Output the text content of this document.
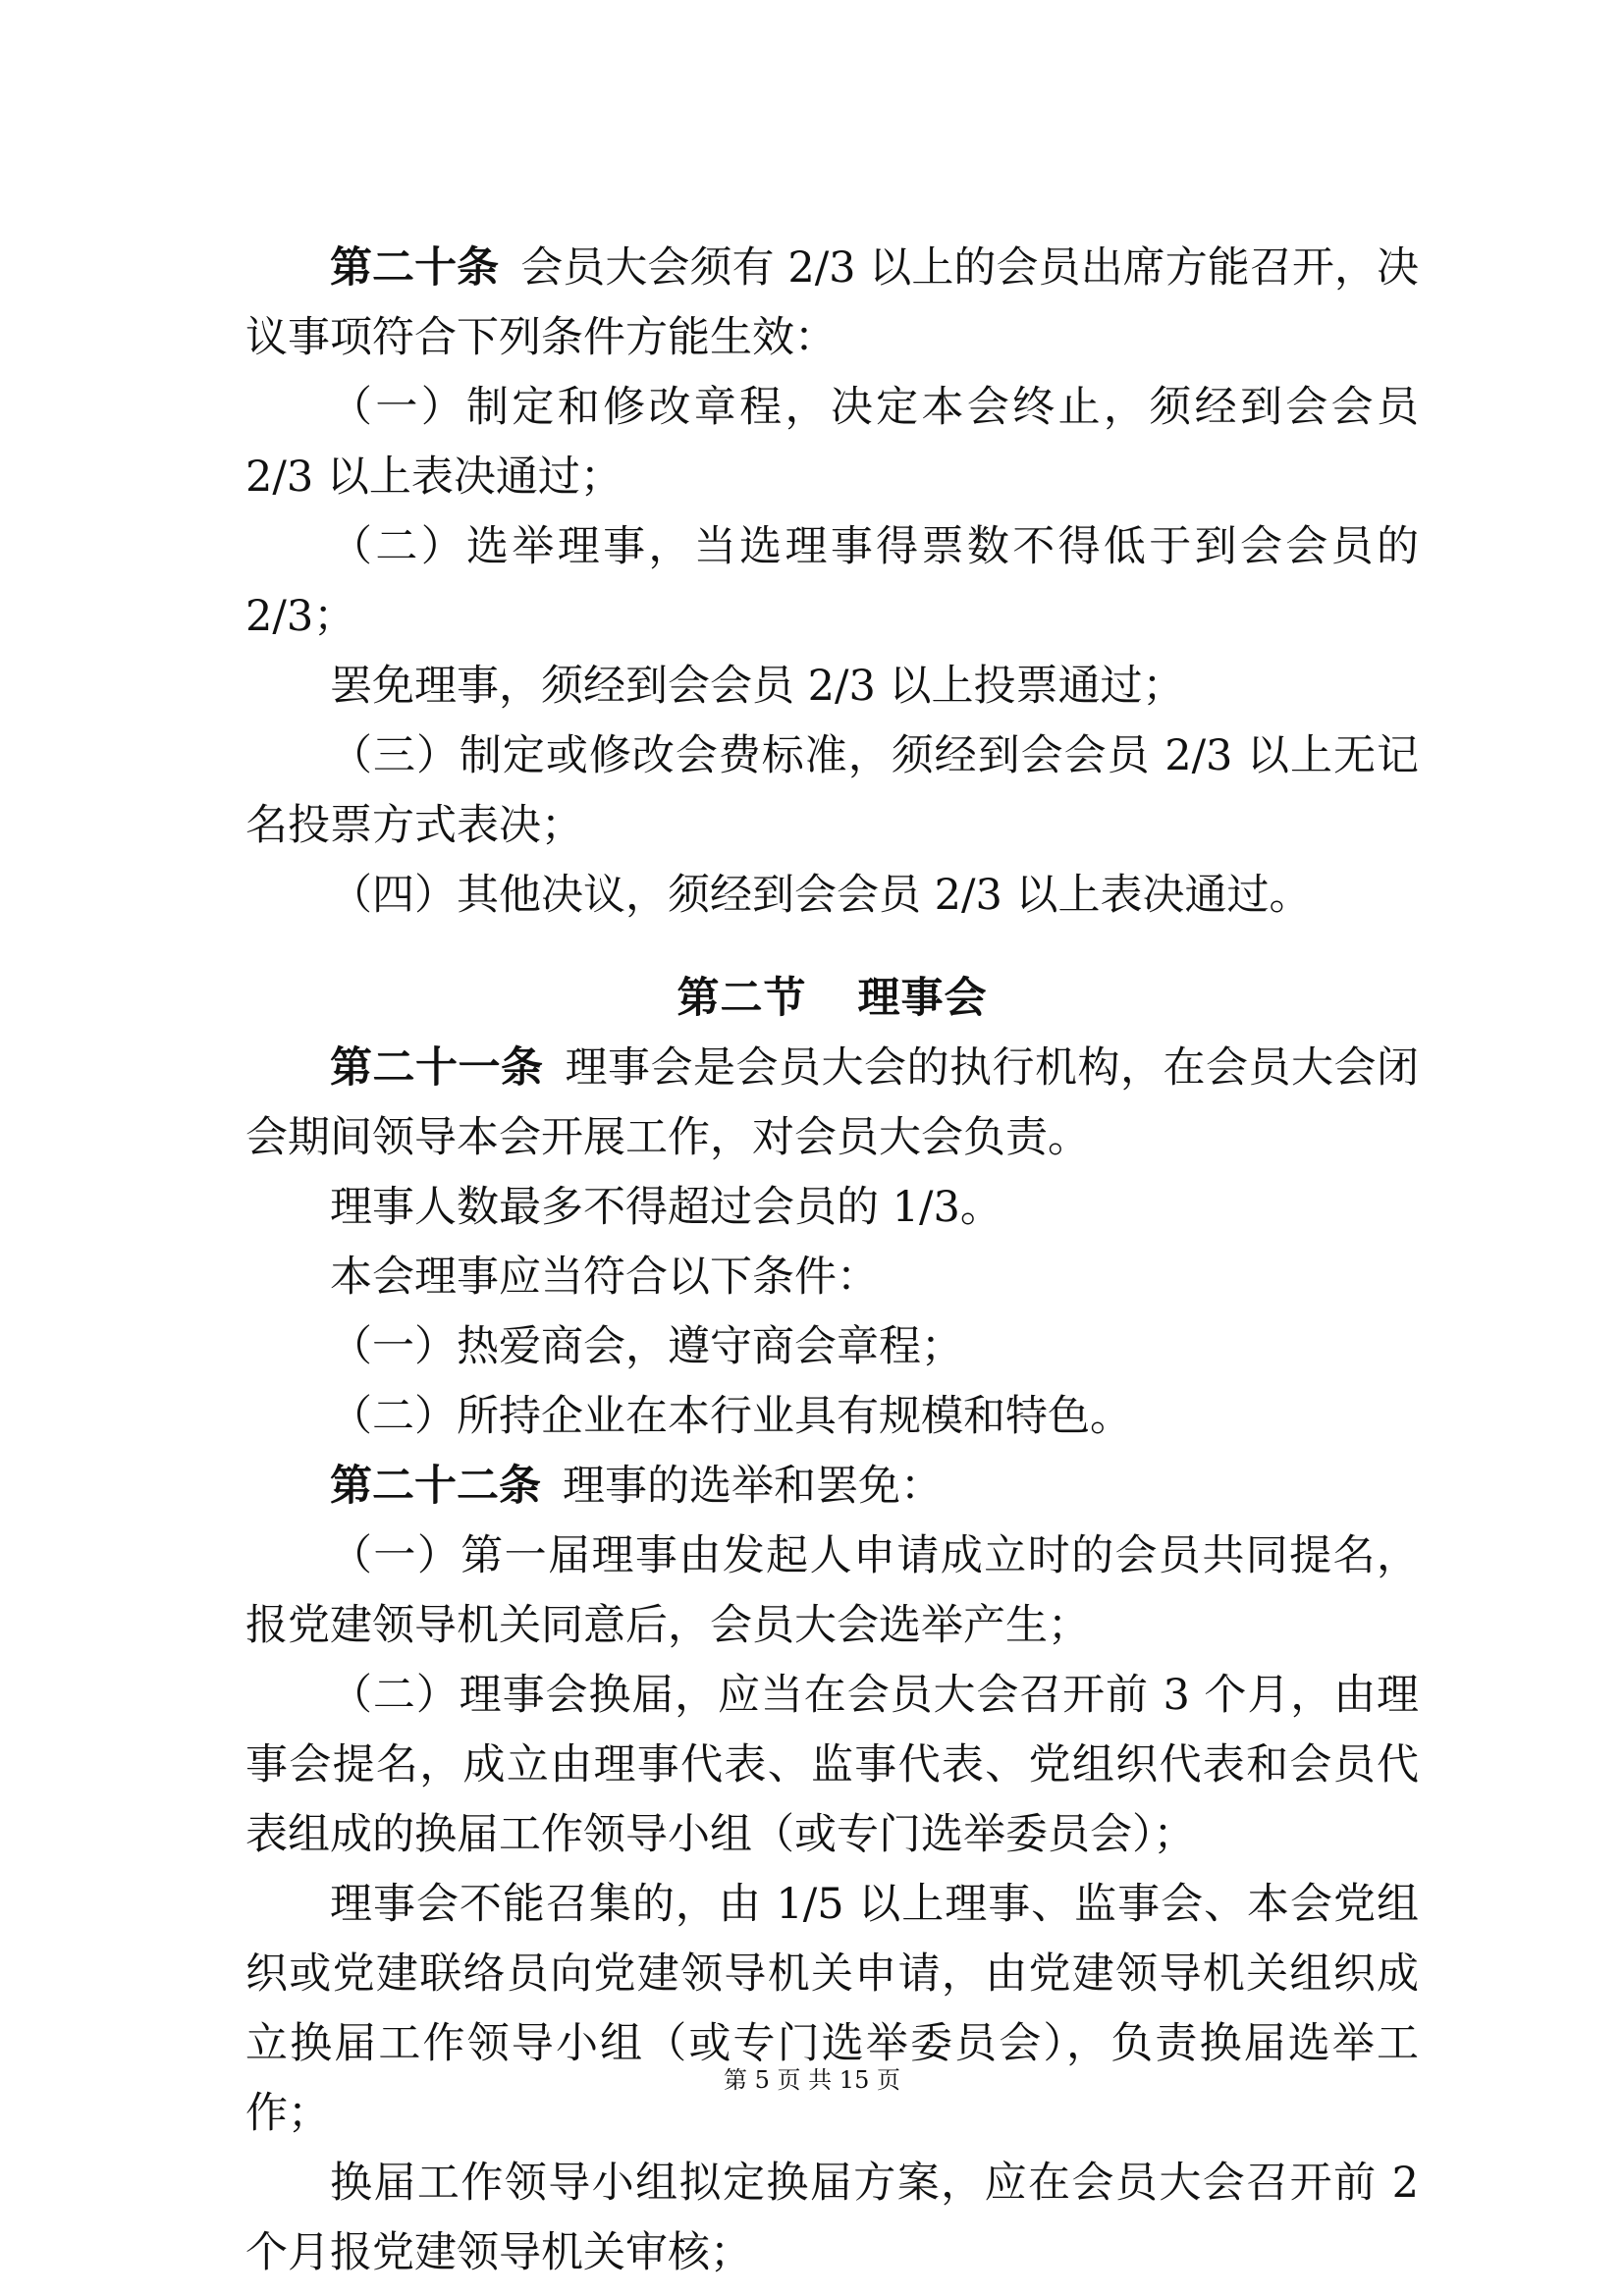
第二十条 会员大会须有 2/3 以上的会员出席方能召开，决议事项符合下列条件方能生效：

（一）制定和修改章程，决定本会终止，须经到会会员 2/3 以上表决通过；

（二）选举理事，当选理事得票数不得低于到会会员的 2/3；

罢免理事，须经到会会员 2/3 以上投票通过；

（三）制定或修改会费标准，须经到会会员 2/3 以上无记名投票方式表决；

（四）其他决议，须经到会会员 2/3 以上表决通过。

第二节 理事会

第二十一条 理事会是会员大会的执行机构，在会员大会闭会期间领导本会开展工作，对会员大会负责。

理事人数最多不得超过会员的 1/3。

本会理事应当符合以下条件：

（一）热爱商会，遵守商会章程；

（二）所持企业在本行业具有规模和特色。

第二十二条 理事的选举和罢免：

（一）第一届理事由发起人申请成立时的会员共同提名，报党建领导机关同意后，会员大会选举产生；

（二）理事会换届，应当在会员大会召开前 3 个月，由理事会提名，成立由理事代表、监事代表、党组织代表和会员代表组成的换届工作领导小组（或专门选举委员会）；

理事会不能召集的，由 1/5 以上理事、监事会、本会党组织或党建联络员向党建领导机关申请，由党建领导机关组织成立换届工作领导小组（或专门选举委员会），负责换届选举工作；

换届工作领导小组拟定换届方案，应在会员大会召开前 2 个月报党建领导机关审核；

第 5 页 共 15 页
